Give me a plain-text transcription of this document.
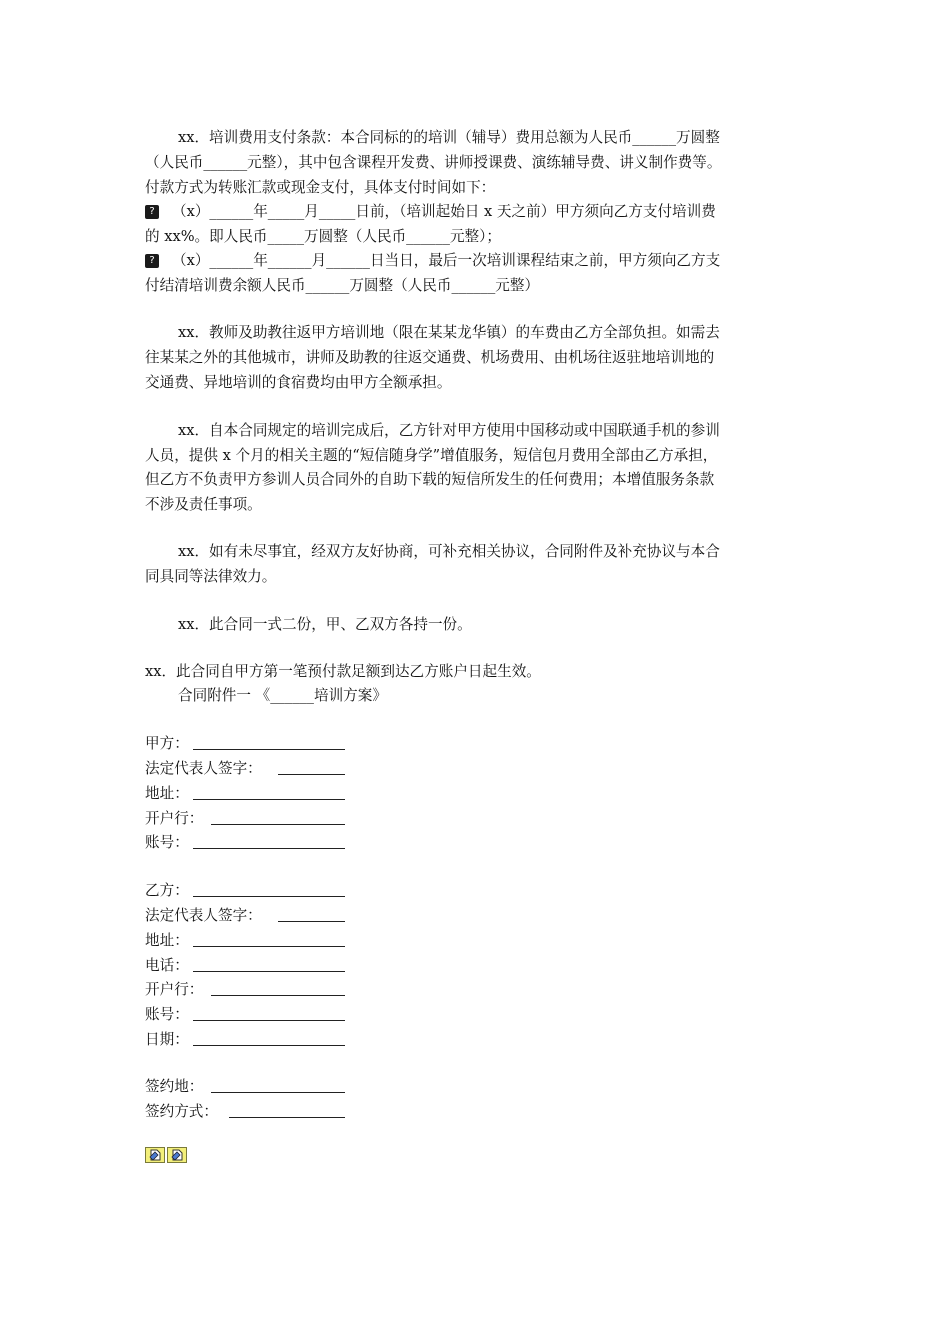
xx．培训费用支付条款：本合同标的的培训（辅导）费用总额为人民币______万圆整
（人民币______元整），其中包含课程开发费、讲师授课费、演练辅导费、讲义制作费等。
付款方式为转账汇款或现金支付，具体支付时间如下：
? （x）______年_____月_____日前，（培训起始日 x 天之前）甲方须向乙方支付培训费
的 xx%。即人民币_____万圆整（人民币______元整）；
? （x）______年______月______日当日，最后一次培训课程结束之前，甲方须向乙方支
付结清培训费余额人民币______万圆整（人民币______元整）
xx．教师及助教往返甲方培训地（限在某某龙华镇）的车费由乙方全部负担。如需去
往某某之外的其他城市，讲师及助教的往返交通费、机场费用、由机场往返驻地培训地的
交通费、异地培训的食宿费均由甲方全额承担。
xx．自本合同规定的培训完成后，乙方针对甲方使用中国移动或中国联通手机的参训
人员，提供 x 个月的相关主题的“短信随身学”增值服务，短信包月费用全部由乙方承担，
但乙方不负责甲方参训人员合同外的自助下载的短信所发生的任何费用；本增值服务条款
不涉及责任事项。
xx．如有未尽事宜，经双方友好协商，可补充相关协议，合同附件及补充协议与本合
同具同等法律效力。
xx．此合同一式二份，甲、乙双方各持一份。
xx．此合同自甲方第一笔预付款足额到达乙方账户日起生效。
合同附件一 《______培训方案》
甲方：
法定代表人签字：
地址：
开户行：
账号：
乙方：
法定代表人签字：
地址：
电话：
开户行：
账号：
日期：
签约地：
签约方式：
